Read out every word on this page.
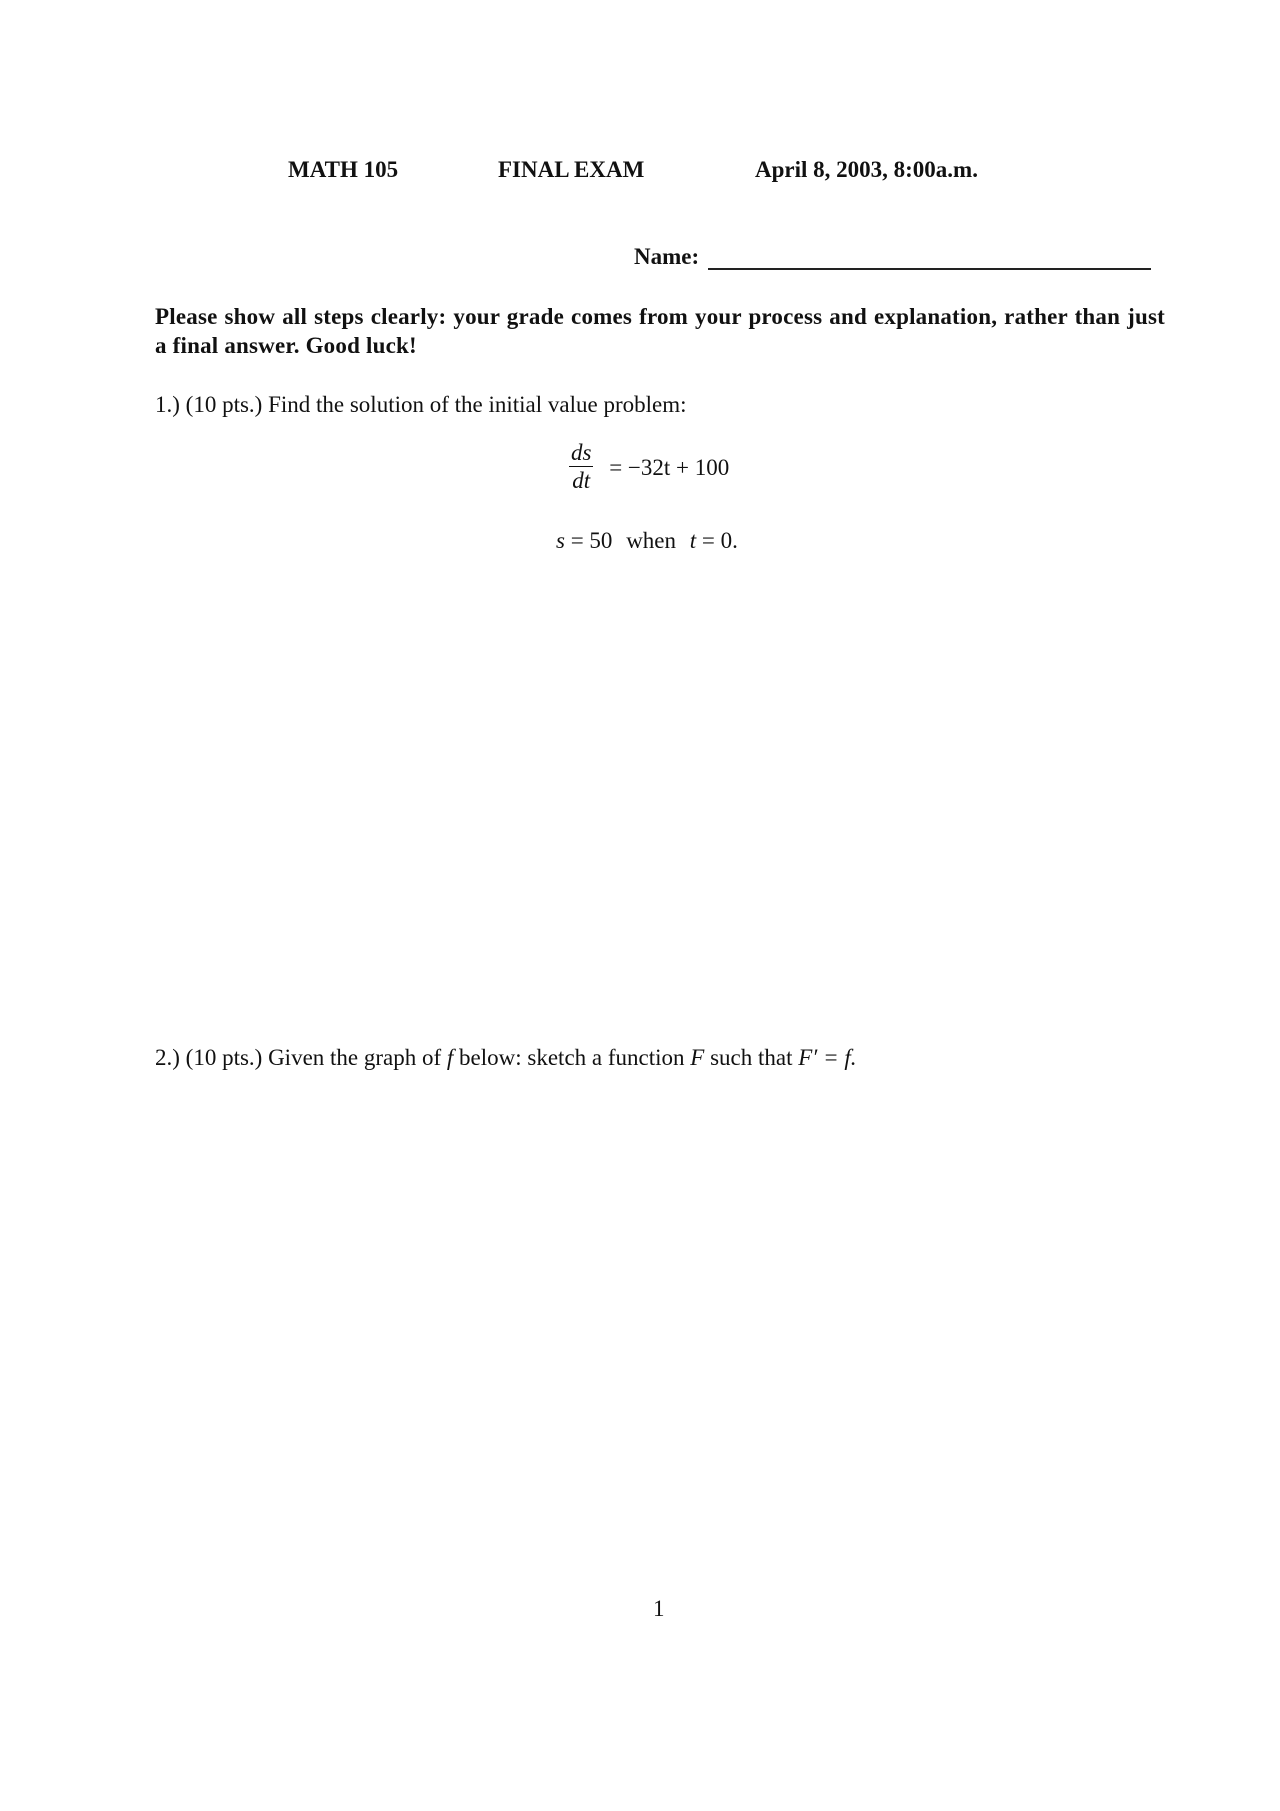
MATH 105	FINAL EXAM	April 8, 2003, 8:00a.m.
Name:
Please show all steps clearly: your grade comes from your process and explanation, rather than just a final answer. Good luck!
1.) (10 pts.) Find the solution of the initial value problem:
$\frac{ds}{dt} = -32t + 100$
s = 50 when t = 0.
2.) (10 pts.) Given the graph of f below: sketch a function F such that F′ = f.
1
